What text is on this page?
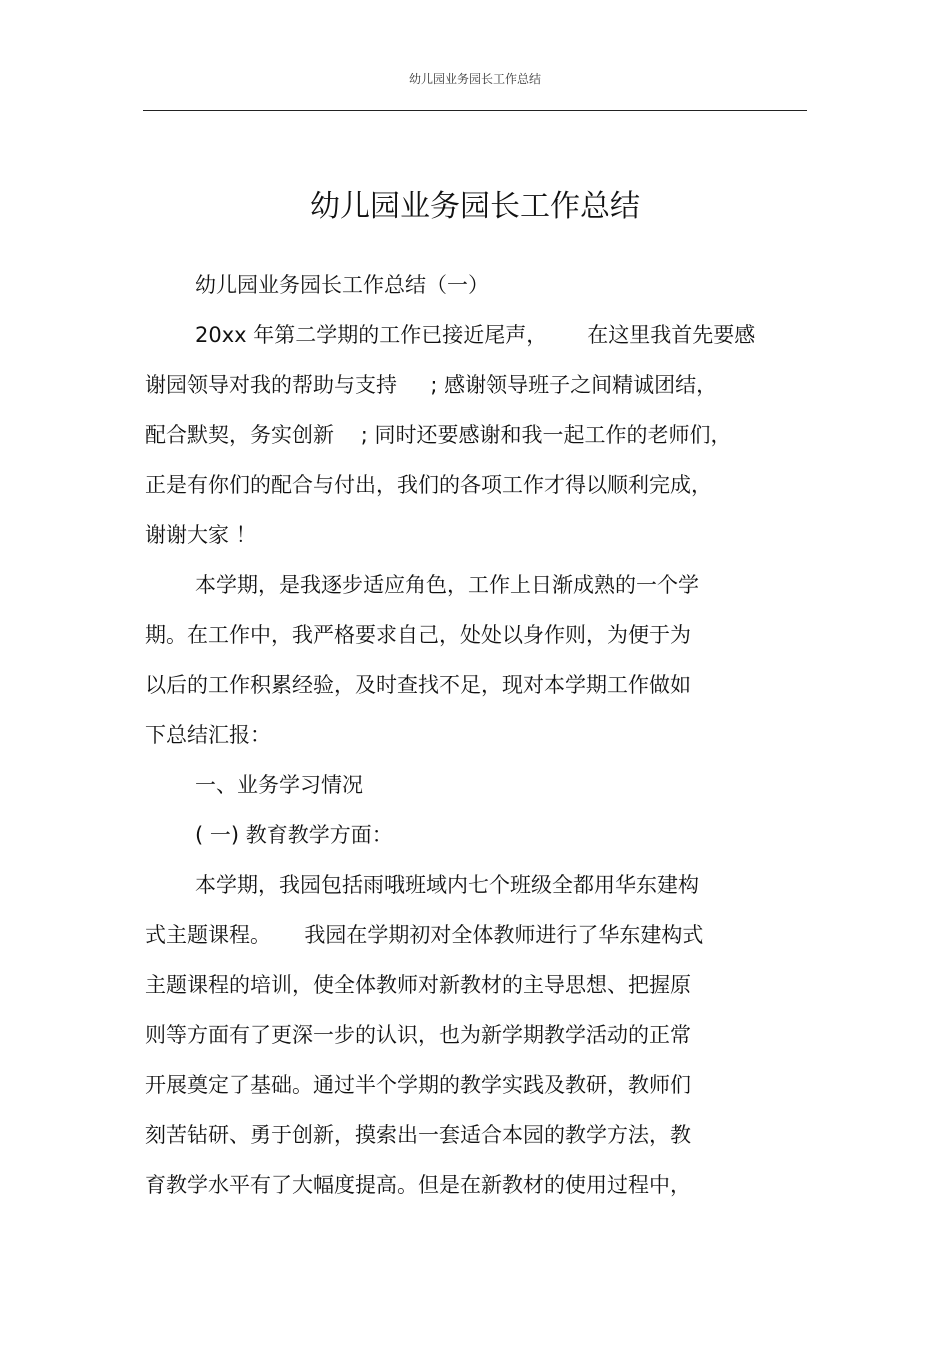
幼儿园业务园长工作总结
幼儿园业务园长工作总结
幼儿园业务园长工作总结（一）
20xx 年第二学期的工作已接近尾声，      在这里我首先要感
谢园领导对我的帮助与支持     ; 感谢领导班子之间精诚团结，
配合默契，务实创新    ; 同时还要感谢和我一起工作的老师们，
正是有你们的配合与付出，我们的各项工作才得以顺利完成，
谢谢大家 ！
本学期，是我逐步适应角色，工作上日渐成熟的一个学
期。在工作中，我严格要求自己，处处以身作则，为便于为
以后的工作积累经验，及时查找不足，现对本学期工作做如
下总结汇报：
一、业务学习情况
( 一) 教育教学方面：
本学期，我园包括雨哦班域内七个班级全都用华东建构
式主题课程。     我园在学期初对全体教师进行了华东建构式
主题课程的培训，使全体教师对新教材的主导思想、把握原
则等方面有了更深一步的认识，也为新学期教学活动的正常
开展奠定了基础。通过半个学期的教学实践及教研，教师们
刻苦钻研、勇于创新，摸索出一套适合本园的教学方法，教
育教学水平有了大幅度提高。但是在新教材的使用过程中，
